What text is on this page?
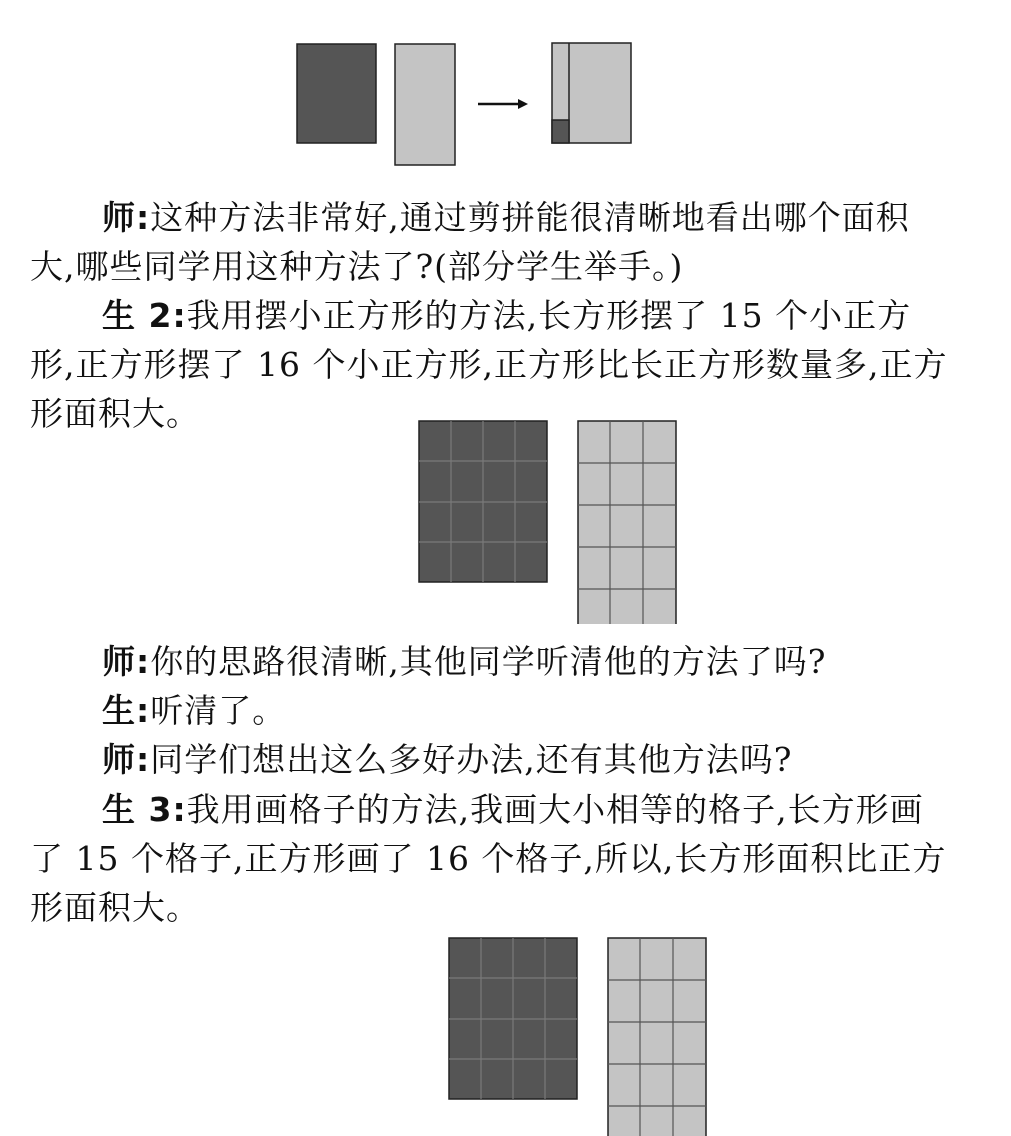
师:这种方法非常好,通过剪拼能很清晰地看出哪个面积大,哪些同学用这种方法了?(部分学生举手。)
生 2:我用摆小正方形的方法,长方形摆了 15 个小正方形,正方形摆了 16 个小正方形,正方形比长正方形数量多,正方形面积大。
师:你的思路很清晰,其他同学听清他的方法了吗?
生:听清了。
师:同学们想出这么多好办法,还有其他方法吗?
生 3:我用画格子的方法,我画大小相等的格子,长方形画了 15 个格子,正方形画了 16 个格子,所以,长方形面积比正方形面积大。
